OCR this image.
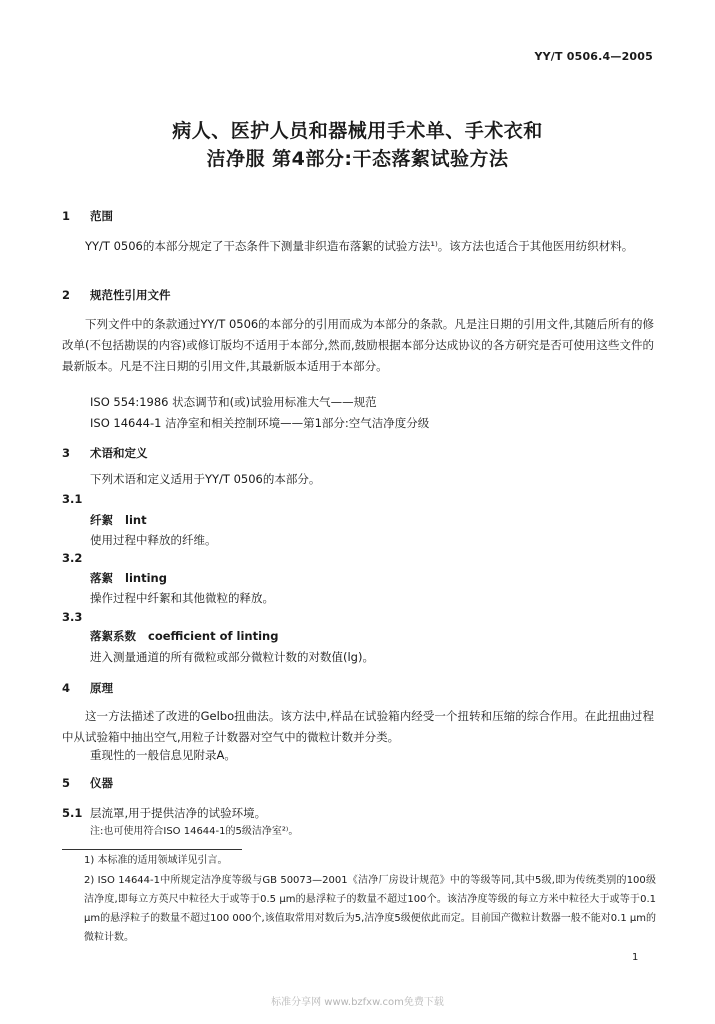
YY/T 0506.4—2005
病人、医护人员和器械用手术单、手术衣和
洁净服 第4部分:干态落絮试验方法
1 范围

YY/T 0506的本部分规定了干态条件下测量非织造布落絮的试验方法¹⁾。该方法也适合于其他医用纺织材料。

2 规范性引用文件

下列文件中的条款通过YY/T 0506的本部分的引用而成为本部分的条款。凡是注日期的引用文件,其随后所有的修改单(不包括勘误的内容)或修订版均不适用于本部分,然而,鼓励根据本部分达成协议的各方研究是否可使用这些文件的最新版本。凡是不注日期的引用文件,其最新版本适用于本部分。

ISO 554:1986 状态调节和(或)试验用标准大气——规范
ISO 14644-1 洁净室和相关控制环境——第1部分:空气洁净度分级
3 术语和定义
下列术语和定义适用于YY/T 0506的本部分。
3.1
纤絮 lint
使用过程中释放的纤维。
3.2
落絮 linting
操作过程中纤絮和其他微粒的释放。
3.3
落絮系数 coefficient of linting
进入测量通道的所有微粒或部分微粒计数的对数值(lg)。
4 原理

这一方法描述了改进的Gelbo扭曲法。该方法中,样品在试验箱内经受一个扭转和压缩的综合作用。在此扭曲过程中从试验箱中抽出空气,用粒子计数器对空气中的微粒计数并分类。

重现性的一般信息见附录A。
5 仪器
5.1 层流罩,用于提供洁净的试验环境。
注:也可使用符合ISO 14644-1的5级洁净室²⁾。
1) 本标准的适用领域详见引言。

2) ISO 14644-1中所规定洁净度等级与GB 50073—2001《洁净厂房设计规范》中的等级等同,其中5级,即为传统类别的100级洁净度,即每立方英尺中粒径大于或等于0.5 μm的悬浮粒子的数量不超过100个。该洁净度等级的每立方米中粒径大于或等于0.1 μm的悬浮粒子的数量不超过100 000个,该值取常用对数后为5,洁净度5级便依此而定。目前国产微粒计数器一般不能对0.1 μm的微粒计数。

1
标准分享网 www.bzfxw.com免费下载
